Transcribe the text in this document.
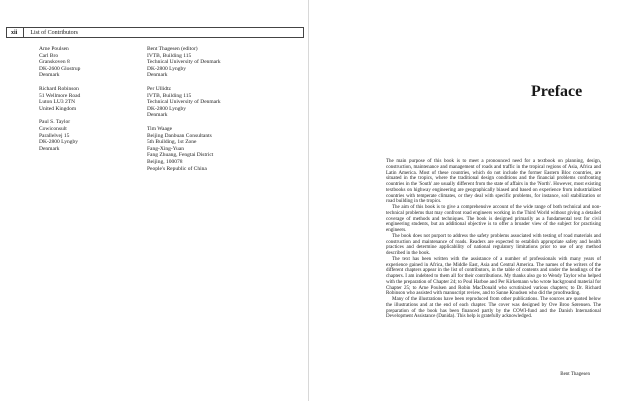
xii	List of Contributors
Arne Poulsen
Carl Bro
Granskoven 8
DK-2600 Glostrup
Denmark
Richard Robinson
51 Wellmore Road
Luton LU3 2TN
United Kingdom
Paul S. Taylor
Cowiconsult
Parallelvej 15
DK-2800 Lyngby
Denmark
Bent Thagesen (editor)
IVTB, Building 115
Technical University of Denmark
DK-2800 Lyngby
Denmark
Per Ullidtz
IVTB, Building 115
Technical University of Denmark
DK-2800 Lyngby
Denmark
Tim Waage
Beijing Danbuan Consultants
5th Building, 1st Zone
Fang-Xing-Yuan
Fang Zhuang, Fengtai District
Beijing, 100078
People's Republic of China
Preface

The main purpose of this book is to meet a pronounced need for a textbook on planning, design, construction, maintenance and management of roads and traffic in the tropical regions of Asia, Africa and Latin America. Most of these countries, which do not include the former Eastern Bloc countries, are situated in the tropics, where the traditional design conditions and the financial problems confronting countries in the 'South' are usually different from the state of affairs in the 'North'. However, most existing textbooks on highway engineering are geographically biased and based on experience from industrialized countries with temperate climates, or they deal with specific problems, for instance, soil stabilization or road building in the tropics.

The aim of this book is to give a comprehensive account of the wide range of both technical and non-technical problems that may confront road engineers working in the Third World without giving a detailed coverage of methods and techniques. The book is designed primarily as a fundamental text for civil engineering students, but an additional objective is to offer a broader view of the subject for practising engineers.

The book does not purport to address the safety problems associated with testing of road materials and construction and maintenance of roads. Readers are expected to establish appropriate safety and health practices and determine applicability of national regulatory limitations prior to use of any method described in the book.

The text has been written with the assistance of a number of professionals with many years of experience gained in Africa, the Middle East, Asia and Central America. The names of the writers of the different chapters appear in the list of contributors, in the table of contents and under the headings of the chapters. I am indebted to them all for their contributions. My thanks also go to Wendy Taylor who helped with the preparation of Chapter 24; to Poul Harboe and Per Kirkemann who wrote background material for Chapter 25; to Arne Poulsen and Robin MacDonald who scrutinized various chapters; to Dr. Richard Robinson who assisted with manuscript review, and to Sanne Knudsen who did the proofreading.

Many of the illustrations have been reproduced from other publications. The sources are quoted below the illustrations and at the end of each chapter. The cover was designed by Ove Broo Sørensen. The preparation of the book has been financed partly by the COWI-fund and the Danish International Development Assistance (Danida). This help is gratefully acknowledged.

Bent Thagesen
